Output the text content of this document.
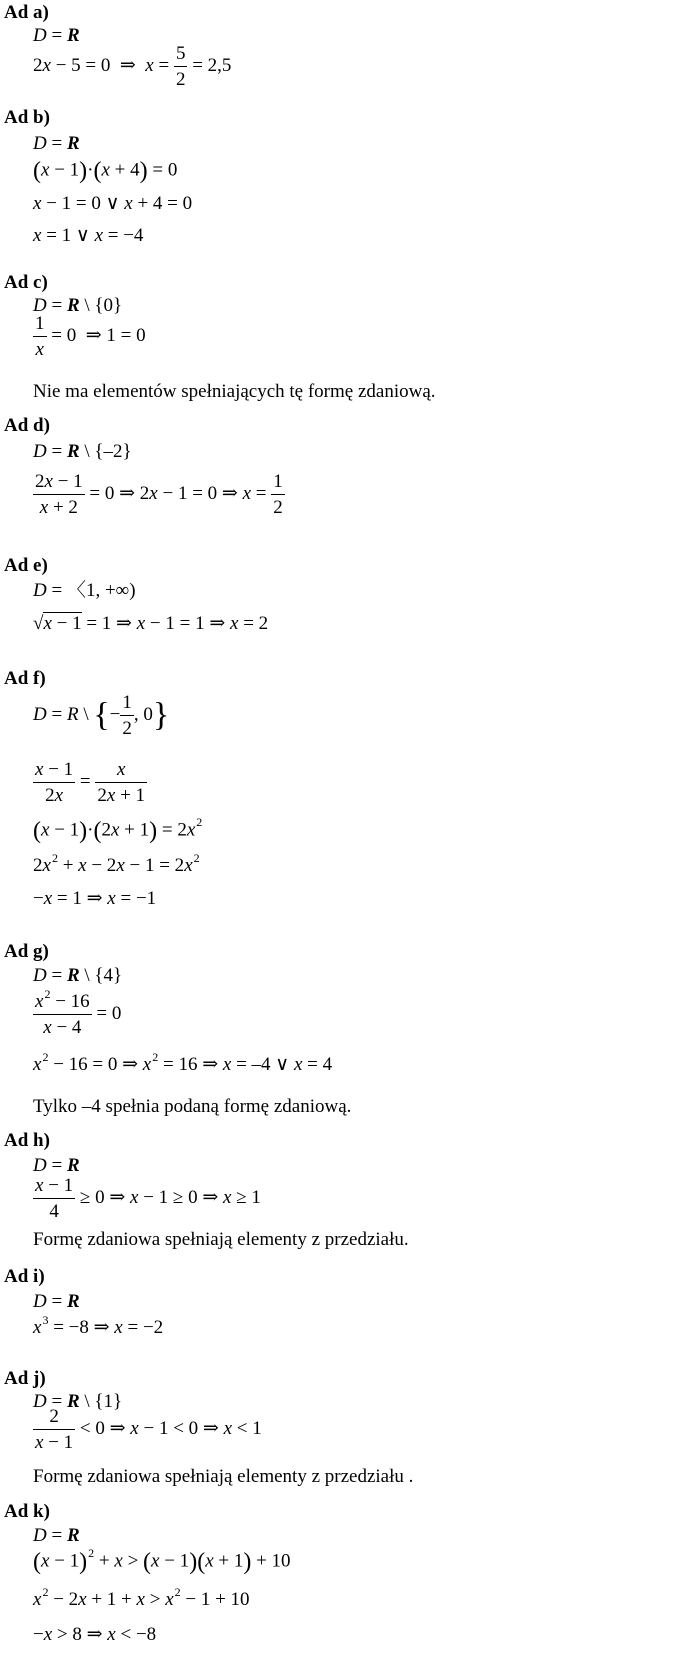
Ad a)
D = R
2x − 5 = 0  ⇒  $x = \frac{5}{2} = 2,5$
Ad b)
D = R
(x − 1)·(x + 4) = 0
x − 1 = 0 ∨ x + 4 = 0
x = 1 ∨ x = −4
Ad c)
D = R \ {0}
$\frac{1}{x} = 0$  ⇒ 1 = 0
Nie ma elementów spełniających tę formę zdaniową.
Ad d)
D = R \ {–2}
$\frac{2x - 1}{x + 2} = 0$ ⇒ 2x − 1 = 0 ⇒ $x = \frac{1}{2}$
Ad e)
D = 〈1, +∞)
√x − 1 = 1 ⇒ x − 1 = 1 ⇒ x = 2
Ad f)
D = R \ {− $\frac{1}{2}$ , 0}
$\frac{x - 1}{2x} = \frac{x}{2x + 1}$
$(x - 1)\cdot(2x + 1) = 2x^2$
$2x^2 + x - 2x - 1 = 2x^2$
−x = 1 ⇒ x = −1
Ad g)
D = R \ {4}
$\frac{x^2 - 16}{x - 4} = 0$
$x^2 - 16 = 0$ ⇒ $x^2 = 16$ ⇒ x = –4 ∨ x = 4
Tylko –4 spełnia podaną formę zdaniową.
Ad h)
D = R
$\frac{x - 1}{4} \ge 0$ ⇒ x − 1 ≥ 0 ⇒ x ≥ 1
Formę zdaniowa spełniają elementy z przedziału.
Ad i)
D = R
$x^3 = -8$ ⇒ x = −2
Ad j)
D = R \ {1}
$\frac{2}{x - 1} < 0$ ⇒ x − 1 < 0 ⇒ x < 1
Formę zdaniowa spełniają elementy z przedziału .
Ad k)
D = R
$(x - 1)^2 + x > (x - 1)(x + 1) + 10$
$x^2 - 2x + 1 + x > x^2 - 1 + 10$
−x > 8 ⇒ x < −8
